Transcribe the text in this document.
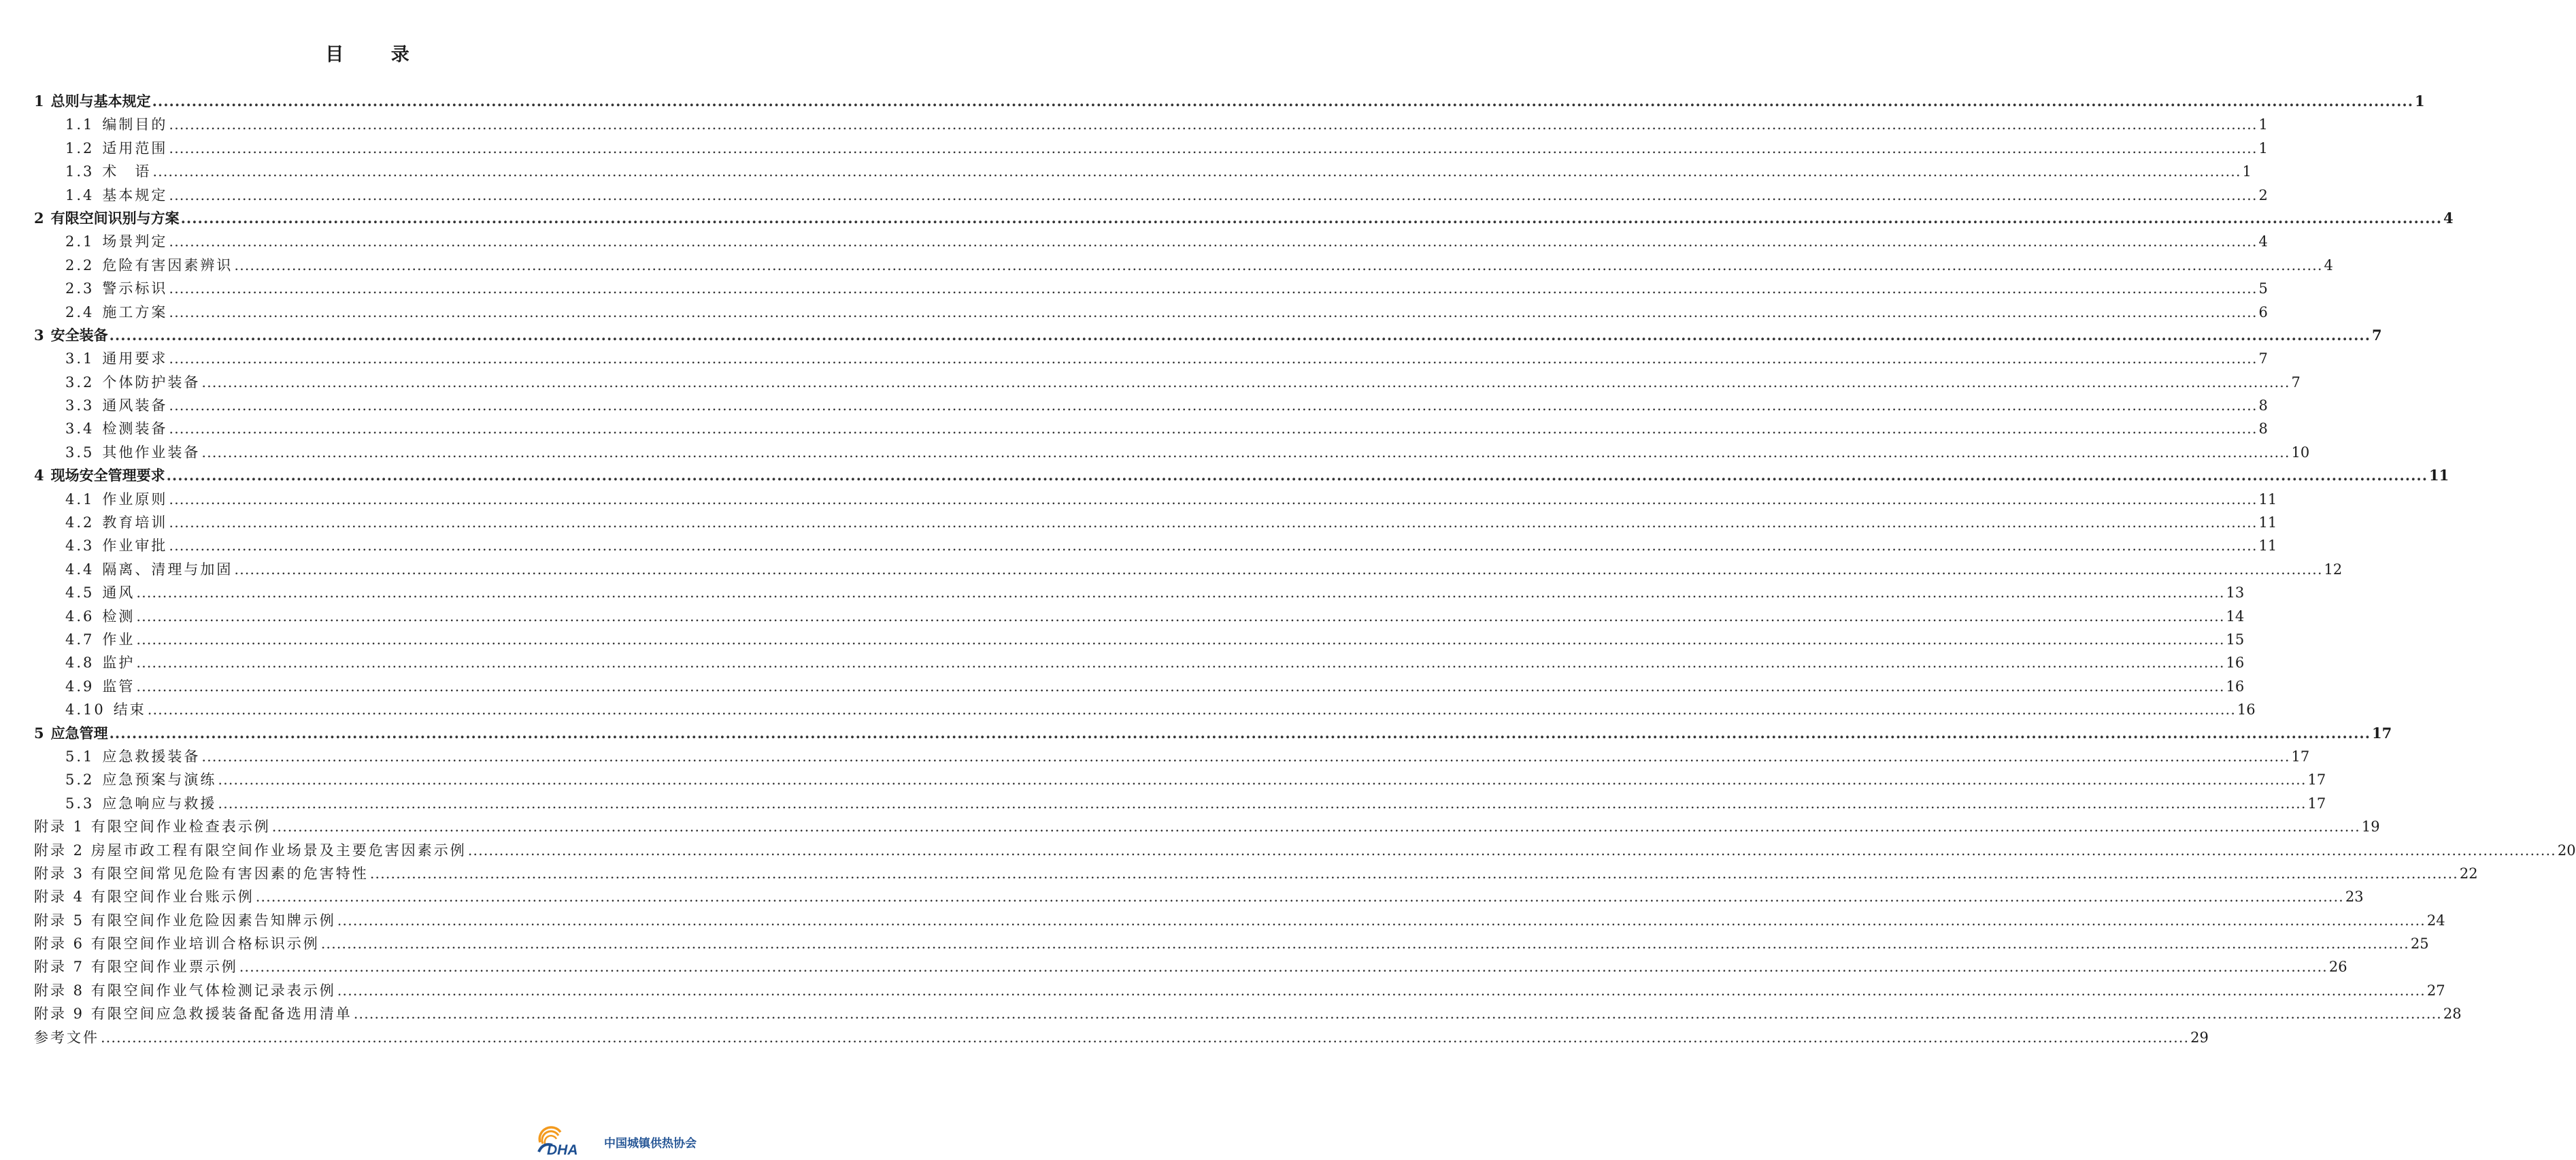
目 录
1 总则与基本规定 ................................................................................................................................................................................................................................................................................................................................................................................................................ 1
1.1 编制目的 ................................................................................................................................................................................................................................................................................................................................................................................................................ 1
1.2 适用范围 ................................................................................................................................................................................................................................................................................................................................................................................................................ 1
1.3 术　语 ................................................................................................................................................................................................................................................................................................................................................................................................................ 1
1.4 基本规定 ................................................................................................................................................................................................................................................................................................................................................................................................................ 2
2 有限空间识别与方案 ................................................................................................................................................................................................................................................................................................................................................................................................................ 4
2.1 场景判定 ................................................................................................................................................................................................................................................................................................................................................................................................................ 4
2.2 危险有害因素辨识 ................................................................................................................................................................................................................................................................................................................................................................................................................ 4
2.3 警示标识 ................................................................................................................................................................................................................................................................................................................................................................................................................ 5
2.4 施工方案 ................................................................................................................................................................................................................................................................................................................................................................................................................ 6
3 安全装备 ................................................................................................................................................................................................................................................................................................................................................................................................................ 7
3.1 通用要求 ................................................................................................................................................................................................................................................................................................................................................................................................................ 7
3.2 个体防护装备 ................................................................................................................................................................................................................................................................................................................................................................................................................ 7
3.3 通风装备 ................................................................................................................................................................................................................................................................................................................................................................................................................ 8
3.4 检测装备 ................................................................................................................................................................................................................................................................................................................................................................................................................ 8
3.5 其他作业装备 ................................................................................................................................................................................................................................................................................................................................................................................................................ 10
4 现场安全管理要求 ................................................................................................................................................................................................................................................................................................................................................................................................................ 11
4.1 作业原则 ................................................................................................................................................................................................................................................................................................................................................................................................................ 11
4.2 教育培训 ................................................................................................................................................................................................................................................................................................................................................................................................................ 11
4.3 作业审批 ................................................................................................................................................................................................................................................................................................................................................................................................................ 11
4.4 隔离、清理与加固 ................................................................................................................................................................................................................................................................................................................................................................................................................ 12
4.5 通风 ................................................................................................................................................................................................................................................................................................................................................................................................................ 13
4.6 检测 ................................................................................................................................................................................................................................................................................................................................................................................................................ 14
4.7 作业 ................................................................................................................................................................................................................................................................................................................................................................................................................ 15
4.8 监护 ................................................................................................................................................................................................................................................................................................................................................................................................................ 16
4.9 监管 ................................................................................................................................................................................................................................................................................................................................................................................................................ 16
4.10 结束 ................................................................................................................................................................................................................................................................................................................................................................................................................ 16
5 应急管理 ................................................................................................................................................................................................................................................................................................................................................................................................................ 17
5.1 应急救援装备 ................................................................................................................................................................................................................................................................................................................................................................................................................ 17
5.2 应急预案与演练 ................................................................................................................................................................................................................................................................................................................................................................................................................ 17
5.3 应急响应与救援 ................................................................................................................................................................................................................................................................................................................................................................................................................ 17
附录 1 有限空间作业检查表示例 ................................................................................................................................................................................................................................................................................................................................................................................................................ 19
附录 2 房屋市政工程有限空间作业场景及主要危害因素示例 ................................................................................................................................................................................................................................................................................................................................................................................................................ 20
附录 3 有限空间常见危险有害因素的危害特性 ................................................................................................................................................................................................................................................................................................................................................................................................................ 22
附录 4 有限空间作业台账示例 ................................................................................................................................................................................................................................................................................................................................................................................................................ 23
附录 5 有限空间作业危险因素告知牌示例 ................................................................................................................................................................................................................................................................................................................................................................................................................ 24
附录 6 有限空间作业培训合格标识示例 ................................................................................................................................................................................................................................................................................................................................................................................................................ 25
附录 7 有限空间作业票示例 ................................................................................................................................................................................................................................................................................................................................................................................................................ 26
附录 8 有限空间作业气体检测记录表示例 ................................................................................................................................................................................................................................................................................................................................................................................................................ 27
附录 9 有限空间应急救援装备配备选用清单 ................................................................................................................................................................................................................................................................................................................................................................................................................ 28
参考文件 ................................................................................................................................................................................................................................................................................................................................................................................................................ 29
DHA 中国城镇供热协会
